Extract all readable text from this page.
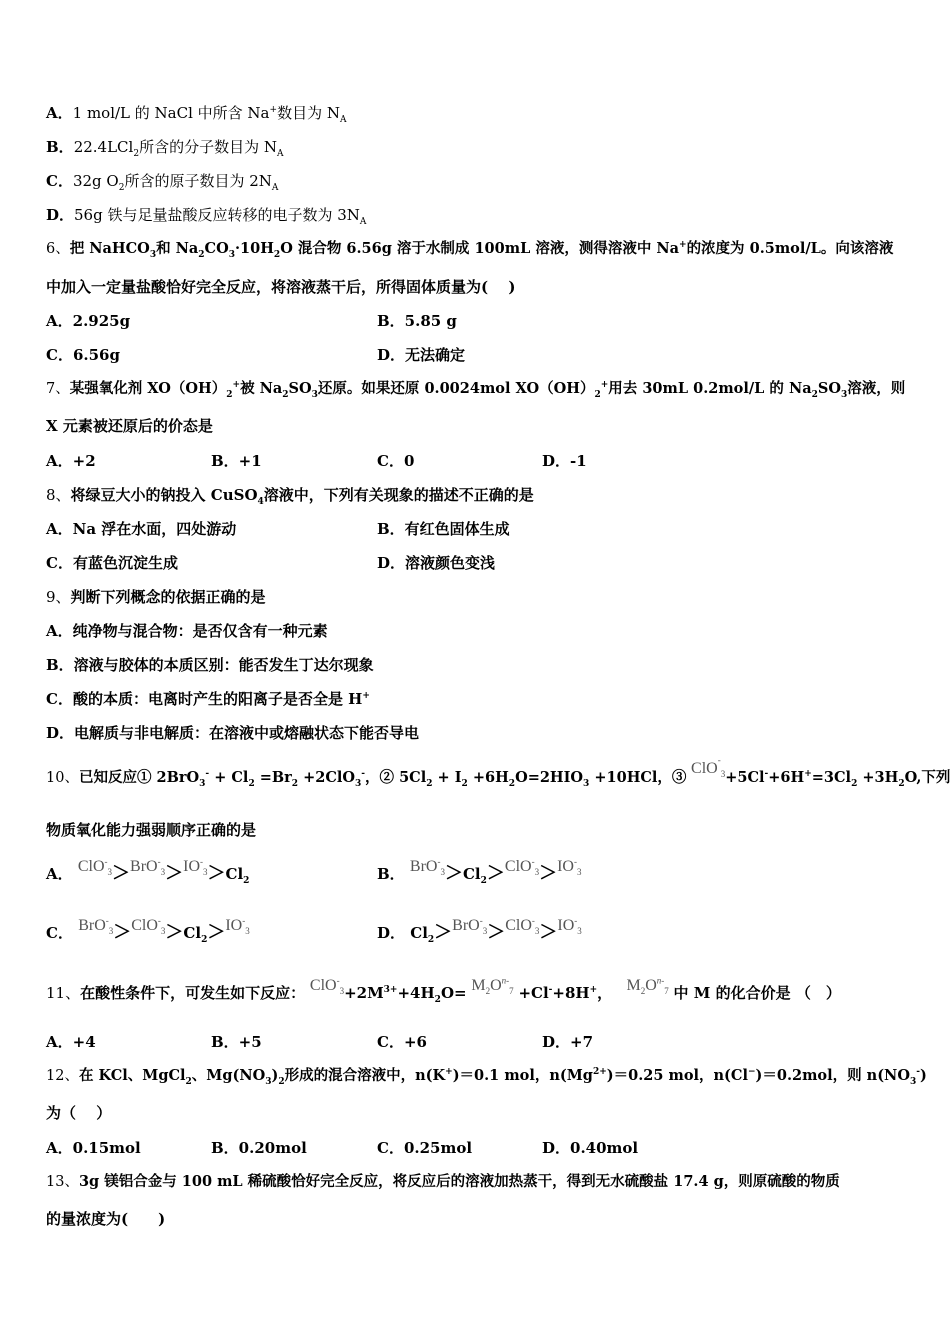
A．1 mol/L 的 NaCl 中所含 Na+数目为 $N_A$
B．22.4LCl$_2$所含的分子数目为 $N_A$
C．32g $O_2$所含的原子数目为 $2N_A$
D．56g 铁与足量盐酸反应转移的电子数为 $3N_A$
6、把 NaHCO$_3$和 $Na_2CO_3\cdot 10H_2O$ 混合物 6.56g 溶于水制成 100mL 溶液，测得溶液中 Na+的浓度为 0.5mol/L。向该溶液
中加入一定量盐酸恰好完全反应，将溶液蒸干后，所得固体质量为(　 )
A．2.925g	B．5.85 g
C．6.56g	D．无法确定
7、某强氧化剂 $XO(OH)_2^+$被 $Na_2SO_3$还原。如果还原 0.0024mol $XO(OH)_2^+$用去 30mL 0.2mol/L 的 $Na_2SO_3$溶液，则
X 元素被还原后的价态是
A．+2	B．+1	C．0	D．-1
8、将绿豆大小的钠投入 CuSO$_4$溶液中，下列有关现象的描述不正确的是
A．Na 浮在水面，四处游动	B．有红色固体生成
C．有蓝色沉淀生成	D．溶液颜色变浅
9、判断下列概念的依据正确的是
A．纯净物与混合物：是否仅含有一种元素
B．溶液与胶体的本质区别：能否发生丁达尔现象
C．酸的本质：电离时产生的阳离子是否全是 H+
D．电解质与非电解质：在溶液中或熔融状态下能否导电
10、已知反应① $2BrO_3^- + Cl_2 =Br_2 +2ClO_3^-$，② $5Cl_2 + I_2 +6H_2O=2HIO_3 +10HCl$，③ $ClO^-_3+5Cl^-+6H^+=3Cl_2 +3H_2O$,下列
物质氧化能力强弱顺序正确的是
A． $ClO^-_3>BrO^-_3>IO^-_3>Cl_2$	B． $BrO^-_3>Cl_2>ClO^-_3>IO^-_3$
C． $BrO^-_3>ClO^-_3>Cl_2>IO^-_3$	D． $Cl_2>BrO^-_3>ClO^-_3>IO^-_3$
11、在酸性条件下，可发生如下反应： $ClO^-_3+2M^{3+}+4H_2O= M_2O^{n-}_7 +Cl^-+8H^+$， $M_2O^{n-}_7$ 中 M 的化合价是 （　）
A．+4	B．+5	C．+6	D．+7
12、在 KCl、MgCl$_2$、$Mg(NO_3)_2$形成的混合溶液中，n(K+)＝0.1 mol，$n(Mg^{2+})=0.25$ mol，n(Cl−)＝0.2mol，则 $n(NO_3^-)$
为（　 ）
A．0.15mol	B．0.20mol	C．0.25mol	D．0.40mol
13、3g 镁铝合金与 100 mL 稀硫酸恰好完全反应，将反应后的溶液加热蒸干，得到无水硫酸盐 17.4 g，则原硫酸的物质
的量浓度为(　　)
